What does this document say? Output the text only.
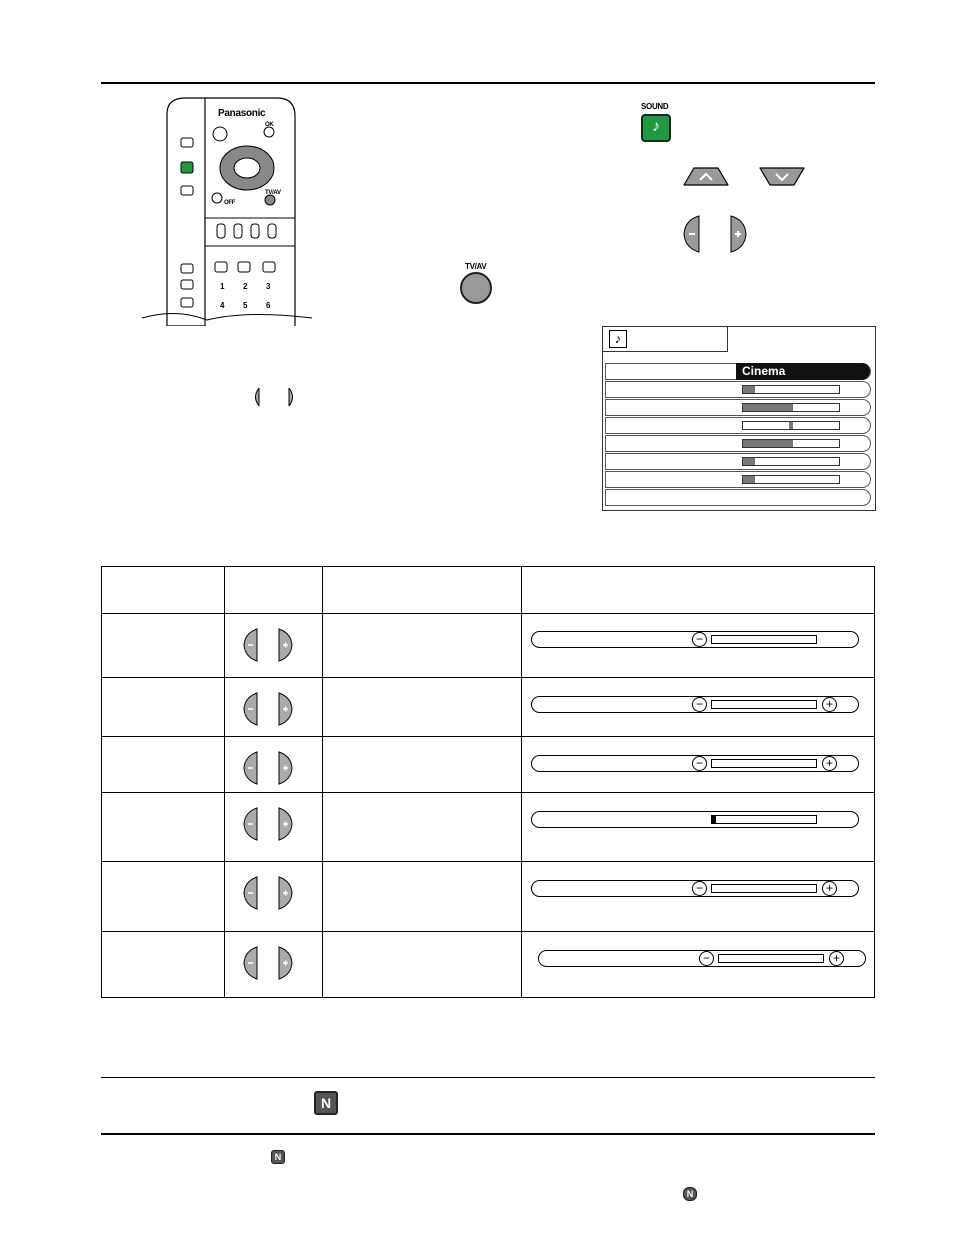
Panasonic
1 2 3
4 5 6
OK
TV/AV
OFF
SOUND
♪
TV/AV
♪
Cinema

−

− +

− +

− +

− +
N
N
N
